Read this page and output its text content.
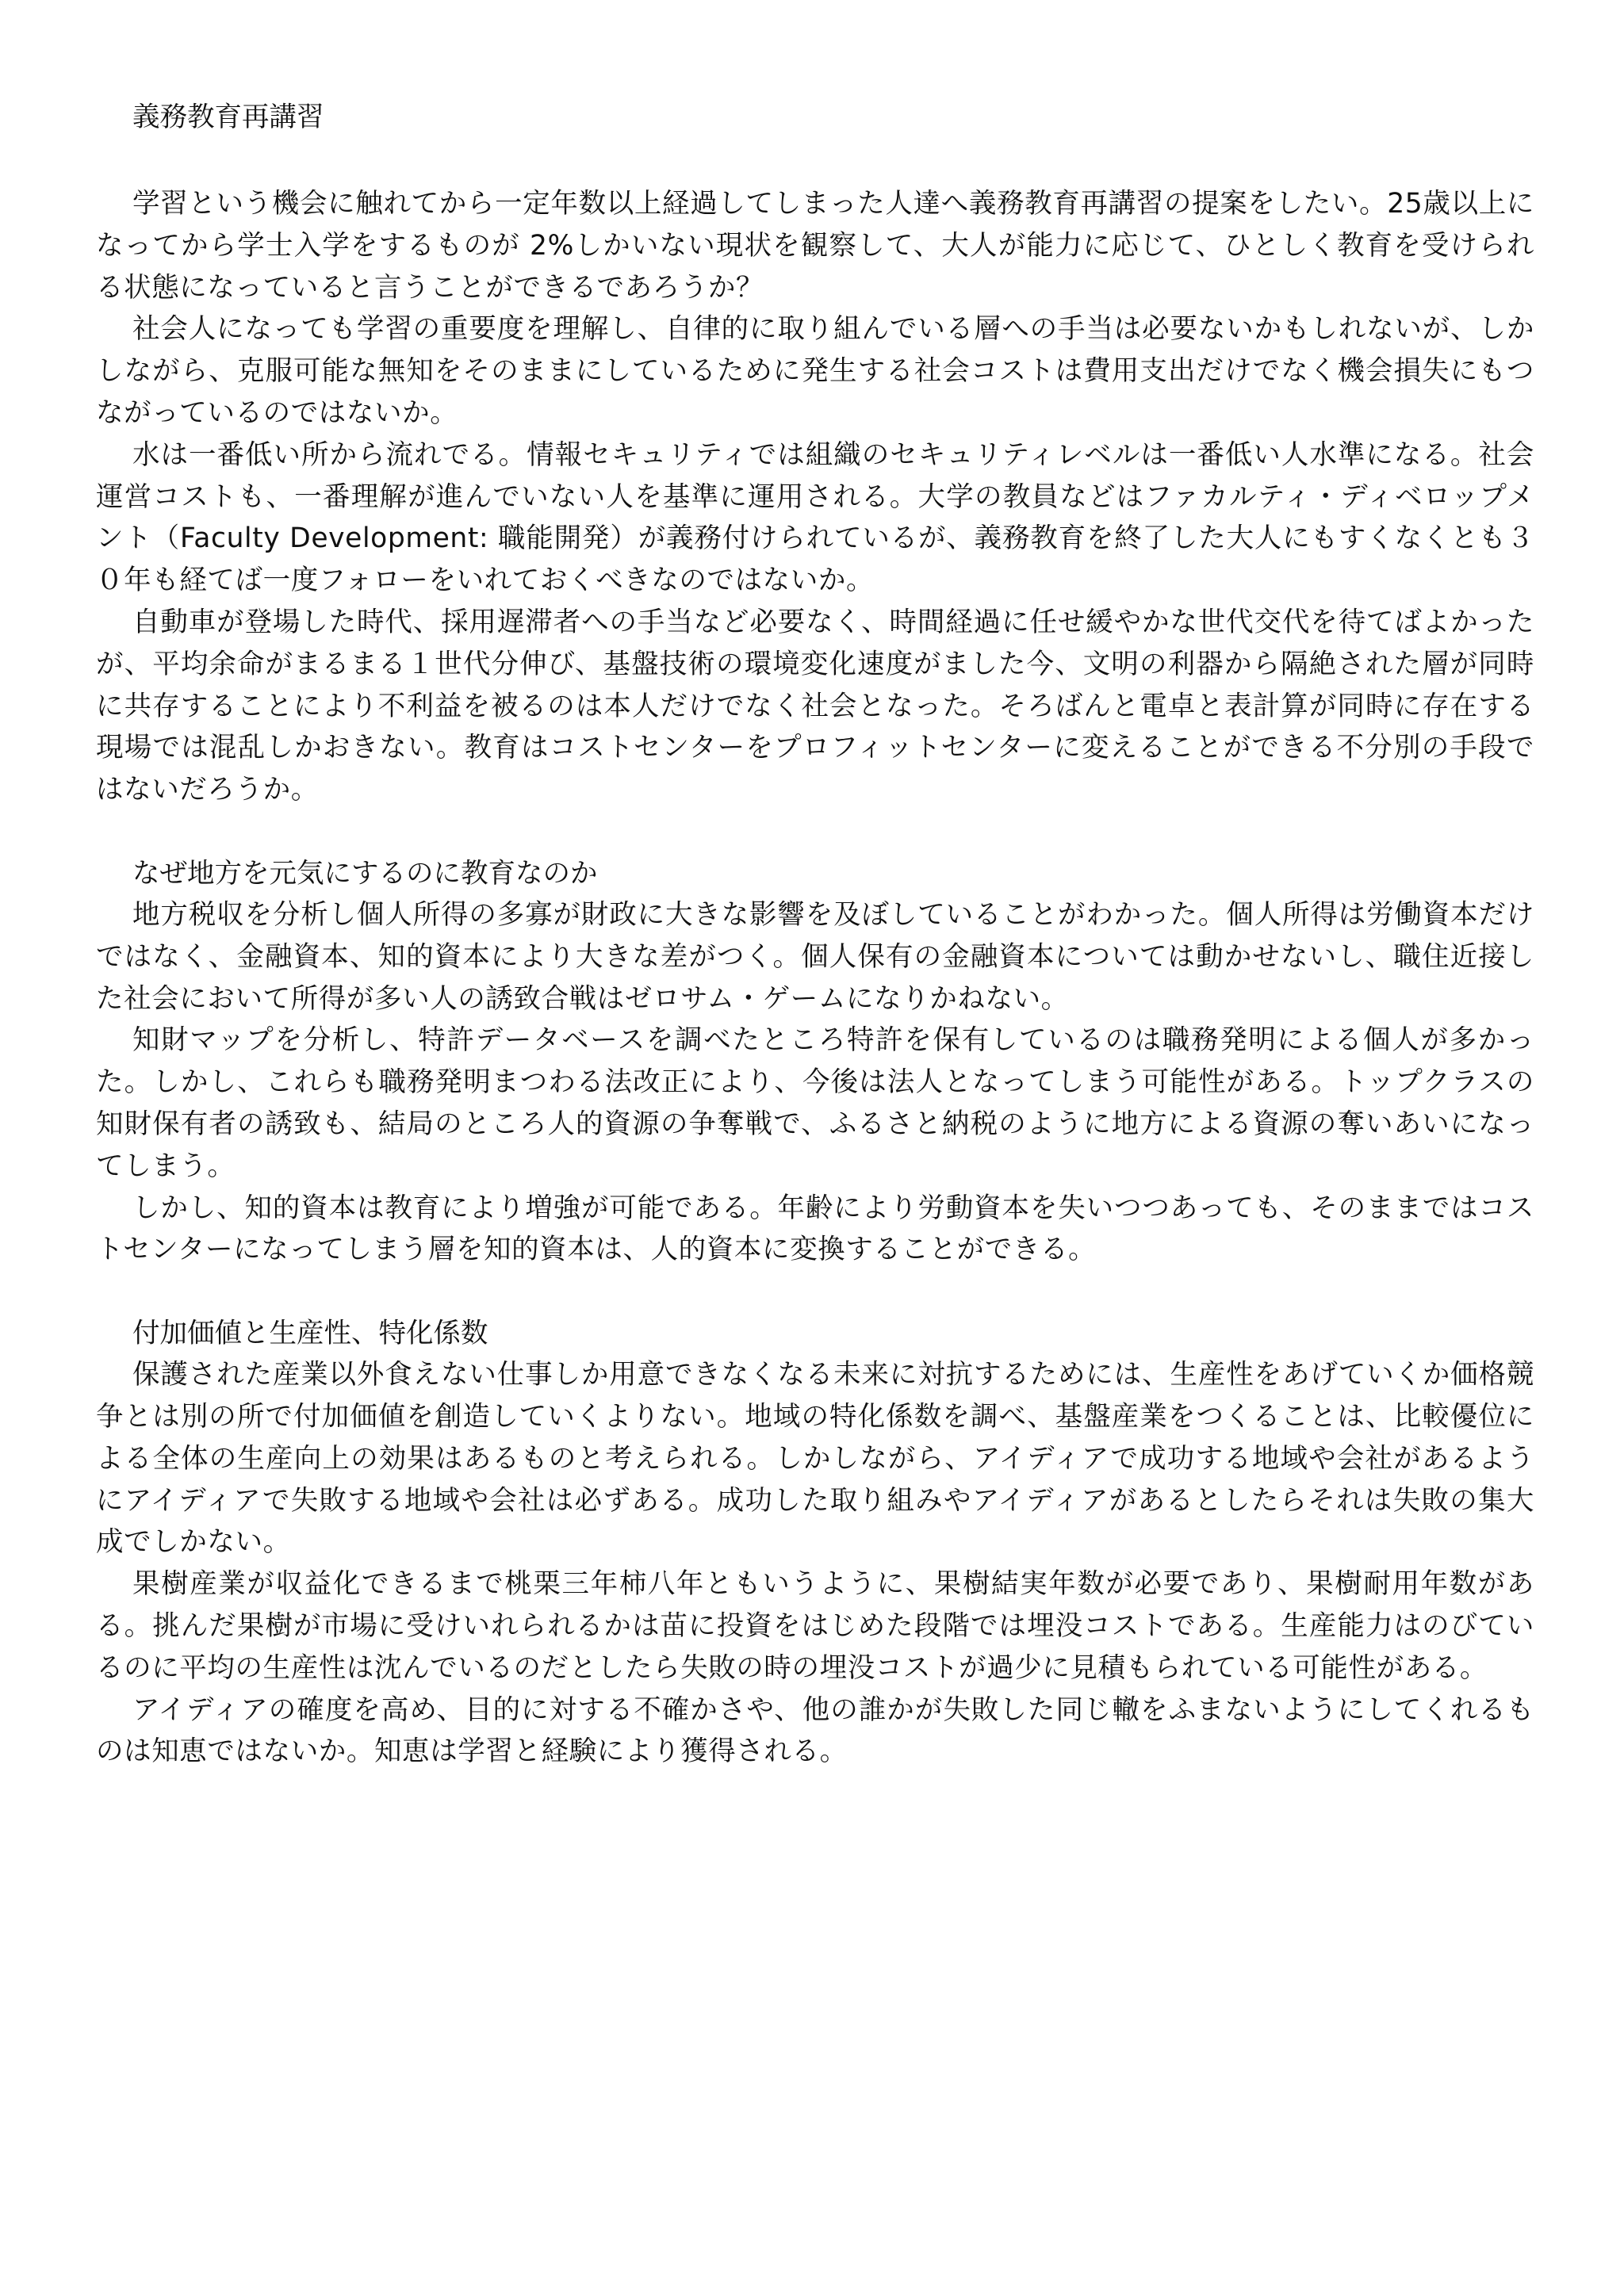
義務教育再講習

学習という機会に触れてから一定年数以上経過してしまった人達へ義務教育再講習の提案をしたい。25歳以上になってから学士入学をするものが 2%しかいない現状を観察して、大人が能力に応じて、ひとしく教育を受けられる状態になっていると言うことができるであろうか？

社会人になっても学習の重要度を理解し、自律的に取り組んでいる層への手当は必要ないかもしれないが、しかしながら、克服可能な無知をそのままにしているために発生する社会コストは費用支出だけでなく機会損失にもつながっているのではないか。

水は一番低い所から流れでる。情報セキュリティでは組織のセキュリティレベルは一番低い人水準になる。社会運営コストも、一番理解が進んでいない人を基準に運用される。大学の教員などはファカルティ・ディベロップメント（Faculty Development: 職能開発）が義務付けられているが、義務教育を終了した大人にもすくなくとも３０年も経てば一度フォローをいれておくべきなのではないか。

自動車が登場した時代、採用遅滞者への手当など必要なく、時間経過に任せ緩やかな世代交代を待てばよかったが、平均余命がまるまる１世代分伸び、基盤技術の環境変化速度がました今、文明の利器から隔絶された層が同時に共存することにより不利益を被るのは本人だけでなく社会となった。そろばんと電卓と表計算が同時に存在する現場では混乱しかおきない。教育はコストセンターをプロフィットセンターに変えることができる不分別の手段ではないだろうか。

なぜ地方を元気にするのに教育なのか

地方税収を分析し個人所得の多寡が財政に大きな影響を及ぼしていることがわかった。個人所得は労働資本だけではなく、金融資本、知的資本により大きな差がつく。個人保有の金融資本については動かせないし、職住近接した社会において所得が多い人の誘致合戦はゼロサム・ゲームになりかねない。

知財マップを分析し、特許データベースを調べたところ特許を保有しているのは職務発明による個人が多かった。しかし、これらも職務発明まつわる法改正により、今後は法人となってしまう可能性がある。トップクラスの知財保有者の誘致も、結局のところ人的資源の争奪戦で、ふるさと納税のように地方による資源の奪いあいになってしまう。

しかし、知的資本は教育により増強が可能である。年齢により労動資本を失いつつあっても、そのままではコストセンターになってしまう層を知的資本は、人的資本に変換することができる。

付加価値と生産性、特化係数

保護された産業以外食えない仕事しか用意できなくなる未来に対抗するためには、生産性をあげていくか価格競争とは別の所で付加価値を創造していくよりない。地域の特化係数を調べ、基盤産業をつくることは、比較優位による全体の生産向上の効果はあるものと考えられる。しかしながら、アイディアで成功する地域や会社があるようにアイディアで失敗する地域や会社は必ずある。成功した取り組みやアイディアがあるとしたらそれは失敗の集大成でしかない。

果樹産業が収益化できるまで桃栗三年柿八年ともいうように、果樹結実年数が必要であり、果樹耐用年数がある。挑んだ果樹が市場に受けいれられるかは苗に投資をはじめた段階では埋没コストである。生産能力はのびているのに平均の生産性は沈んでいるのだとしたら失敗の時の埋没コストが過少に見積もられている可能性がある。

アイディアの確度を高め、目的に対する不確かさや、他の誰かが失敗した同じ轍をふまないようにしてくれるものは知恵ではないか。知恵は学習と経験により獲得される。
